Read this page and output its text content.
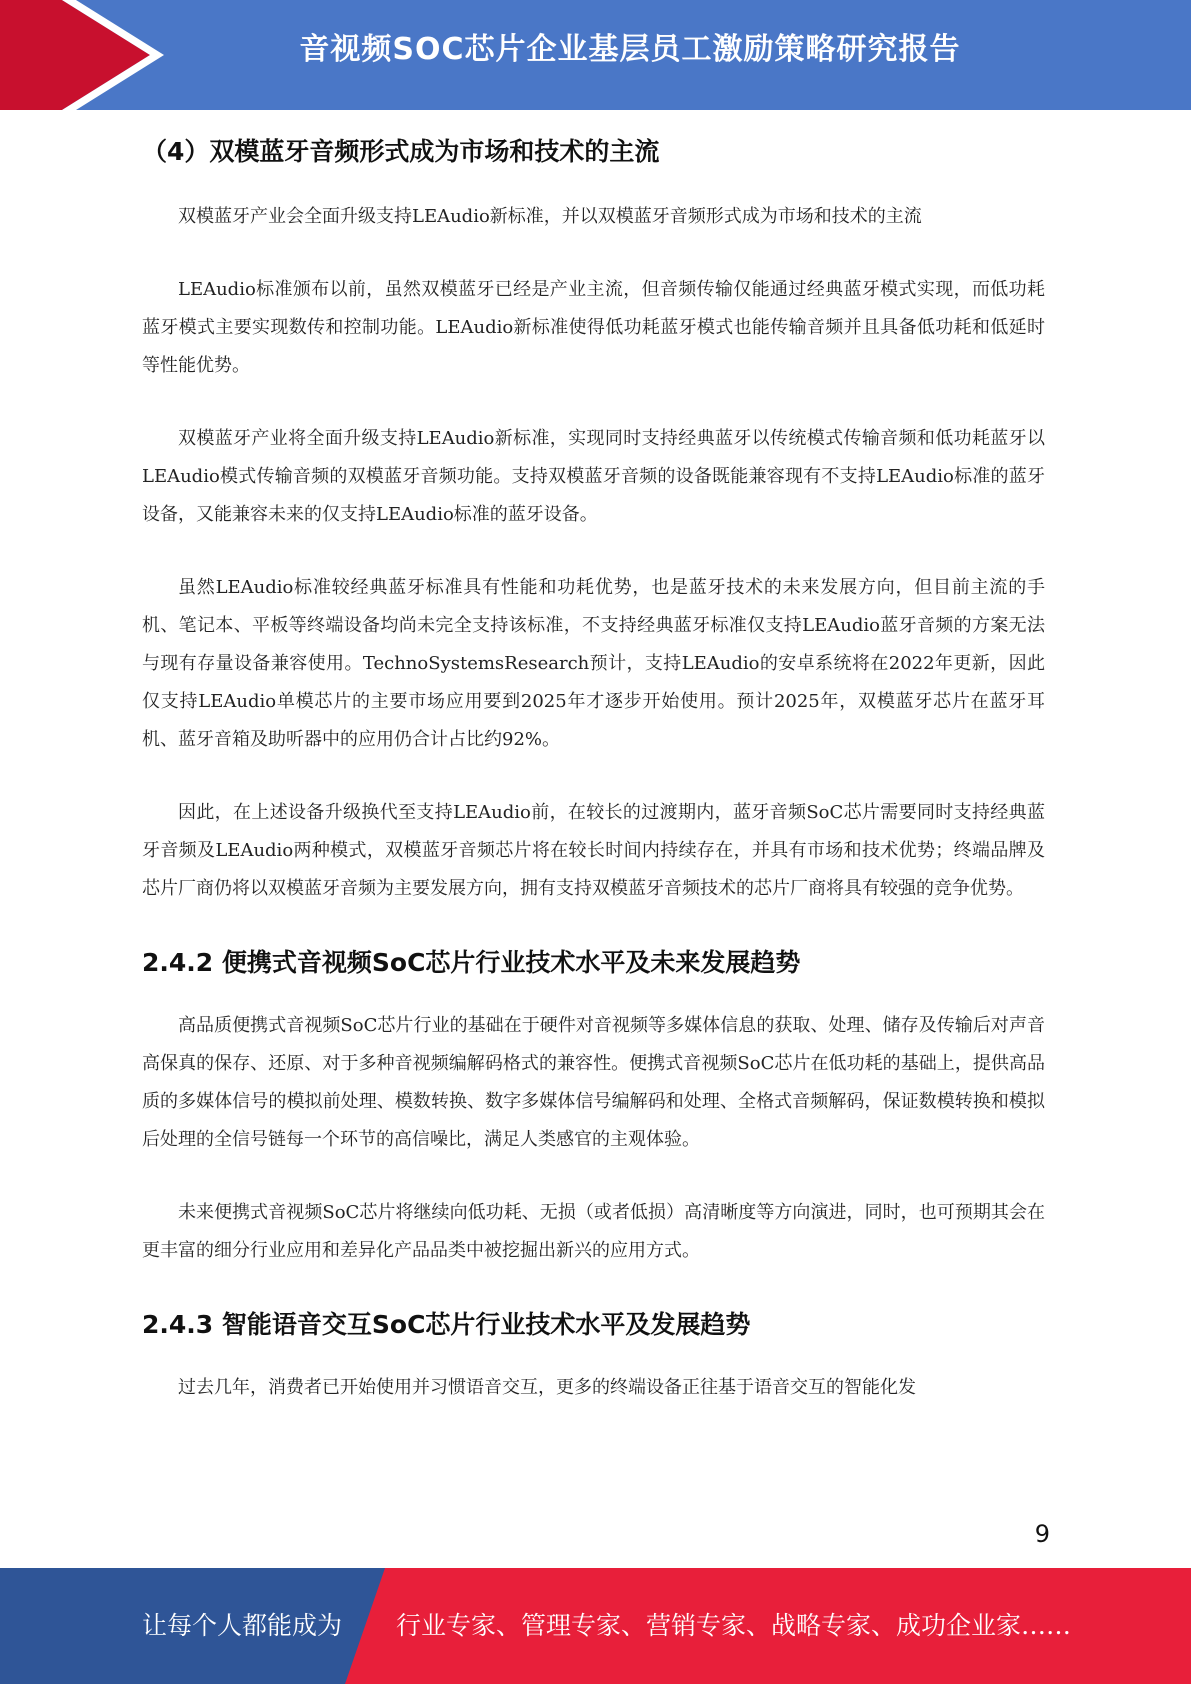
音视频SOC芯片企业基层员工激励策略研究报告
（4）双模蓝牙音频形式成为市场和技术的主流

双模蓝牙产业会全面升级支持LEAudio新标准，并以双模蓝牙音频形式成为市场和技术的主流

LEAudio标准颁布以前，虽然双模蓝牙已经是产业主流，但音频传输仅能通过经典蓝牙模式实现，而低功耗蓝牙模式主要实现数传和控制功能。LEAudio新标准使得低功耗蓝牙模式也能传输音频并且具备低功耗和低延时等性能优势。

双模蓝牙产业将全面升级支持LEAudio新标准，实现同时支持经典蓝牙以传统模式传输音频和低功耗蓝牙以LEAudio模式传输音频的双模蓝牙音频功能。支持双模蓝牙音频的设备既能兼容现有不支持LEAudio标准的蓝牙设备，又能兼容未来的仅支持LEAudio标准的蓝牙设备。

虽然LEAudio标准较经典蓝牙标准具有性能和功耗优势，也是蓝牙技术的未来发展方向，但目前主流的手机、笔记本、平板等终端设备均尚未完全支持该标准，不支持经典蓝牙标准仅支持LEAudio蓝牙音频的方案无法与现有存量设备兼容使用。TechnoSystemsResearch预计，支持LEAudio的安卓系统将在2022年更新，因此仅支持LEAudio单模芯片的主要市场应用要到2025年才逐步开始使用。预计2025年，双模蓝牙芯片在蓝牙耳机、蓝牙音箱及助听器中的应用仍合计占比约92%。

因此，在上述设备升级换代至支持LEAudio前，在较长的过渡期内，蓝牙音频SoC芯片需要同时支持经典蓝牙音频及LEAudio两种模式，双模蓝牙音频芯片将在较长时间内持续存在，并具有市场和技术优势；终端品牌及芯片厂商仍将以双模蓝牙音频为主要发展方向，拥有支持双模蓝牙音频技术的芯片厂商将具有较强的竞争优势。

2.4.2 便携式音视频SoC芯片行业技术水平及未来发展趋势

高品质便携式音视频SoC芯片行业的基础在于硬件对音视频等多媒体信息的获取、处理、储存及传输后对声音高保真的保存、还原、对于多种音视频编解码格式的兼容性。便携式音视频SoC芯片在低功耗的基础上，提供高品质的多媒体信号的模拟前处理、模数转换、数字多媒体信号编解码和处理、全格式音频解码，保证数模转换和模拟后处理的全信号链每一个环节的高信噪比，满足人类感官的主观体验。

未来便携式音视频SoC芯片将继续向低功耗、无损（或者低损）高清晰度等方向演进，同时，也可预期其会在更丰富的细分行业应用和差异化产品品类中被挖掘出新兴的应用方式。

2.4.3 智能语音交互SoC芯片行业技术水平及发展趋势

过去几年，消费者已开始使用并习惯语音交互，更多的终端设备正往基于语音交互的智能化发

9
让每个人都能成为 行业专家、管理专家、营销专家、战略专家、成功企业家……
